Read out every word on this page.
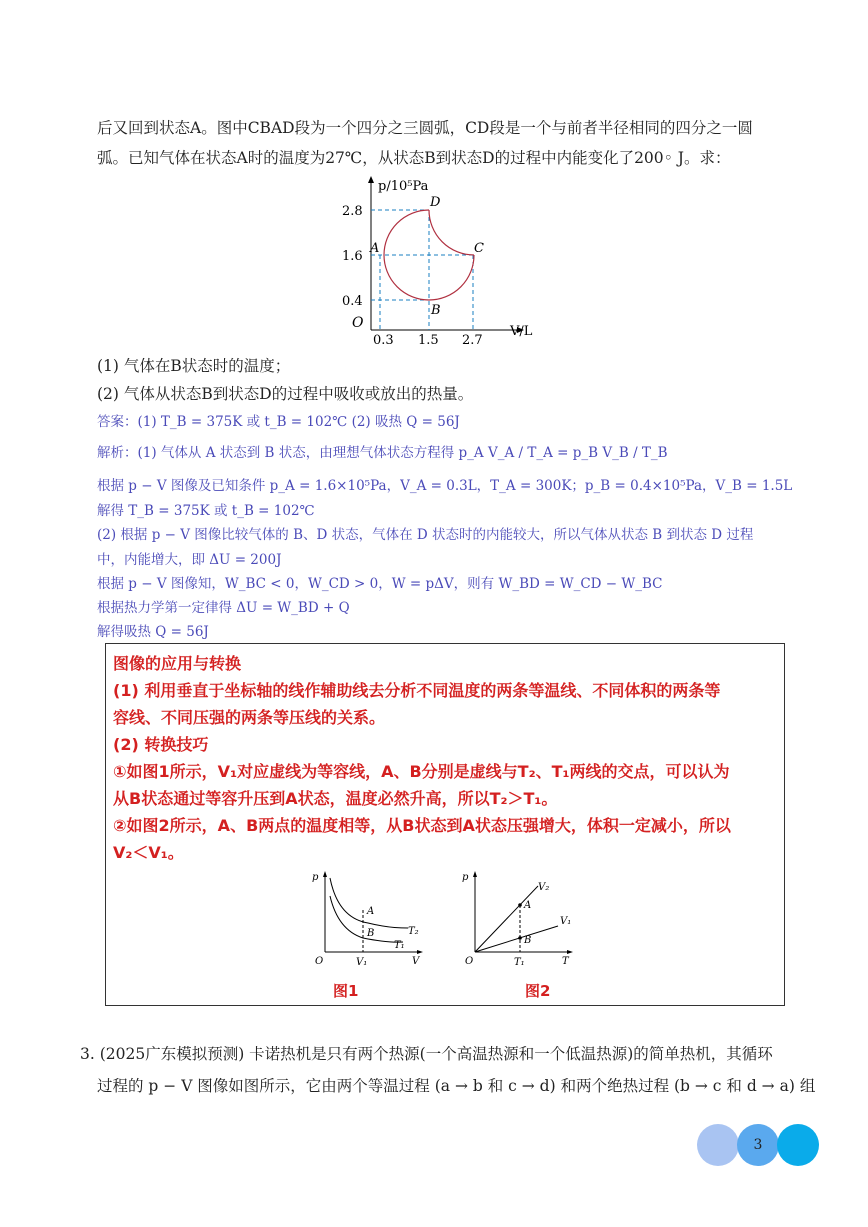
后又回到状态A。图中CBAD段为一个四分之三圆弧，CD段是一个与前者半径相同的四分之一圆
弧。已知气体在状态A时的温度为27℃，从状态B到状态D的过程中内能变化了200◦ J。求：
p/10⁵Pa
V/L
O
2.8
1.6
0.4
0.3 1.5 2.7
A
B
C
D
(1) 气体在B状态时的温度；
(2) 气体从状态B到状态D的过程中吸收或放出的热量。
答案：(1) T_B = 375K 或 t_B = 102℃ (2) 吸热 Q = 56J
解析：(1) 气体从 A 状态到 B 状态，由理想气体状态方程得 p_A V_A / T_A = p_B V_B / T_B
根据 p − V 图像及已知条件 p_A = 1.6×10⁵Pa，V_A = 0.3L，T_A = 300K；p_B = 0.4×10⁵Pa，V_B = 1.5L
解得 T_B = 375K 或 t_B = 102℃
(2) 根据 p − V 图像比较气体的 B、D 状态，气体在 D 状态时的内能较大，所以气体从状态 B 到状态 D 过程
中，内能增大，即 ΔU = 200J
根据 p − V 图像知，W_BC < 0，W_CD > 0，W = pΔV，则有 W_BD = W_CD − W_BC
根据热力学第一定律得 ΔU = W_BD + Q
解得吸热 Q = 56J
图像的应用与转换
(1) 利用垂直于坐标轴的线作辅助线去分析不同温度的两条等温线、不同体积的两条等
容线、不同压强的两条等压线的关系。
(2) 转换技巧
①如图1所示，V₁对应虚线为等容线，A、B分别是虚线与T₂、T₁两线的交点，可以认为
从B状态通过等容升压到A状态，温度必然升高，所以T₂＞T₁。
②如图2所示，A、B两点的温度相等，从B状态到A状态压强增大，体积一定减小，所以
V₂＜V₁。
p
V
O
A
B	T₂
T₁
V₁
图1
p
T
O
A
B
V₂
V₁
T₁
图2
3. (2025广东模拟预测) 卡诺热机是只有两个热源(一个高温热源和一个低温热源)的简单热机，其循环
过程的 p − V 图像如图所示，它由两个等温过程 (a → b 和 c → d) 和两个绝热过程 (b → c 和 d → a) 组
3
